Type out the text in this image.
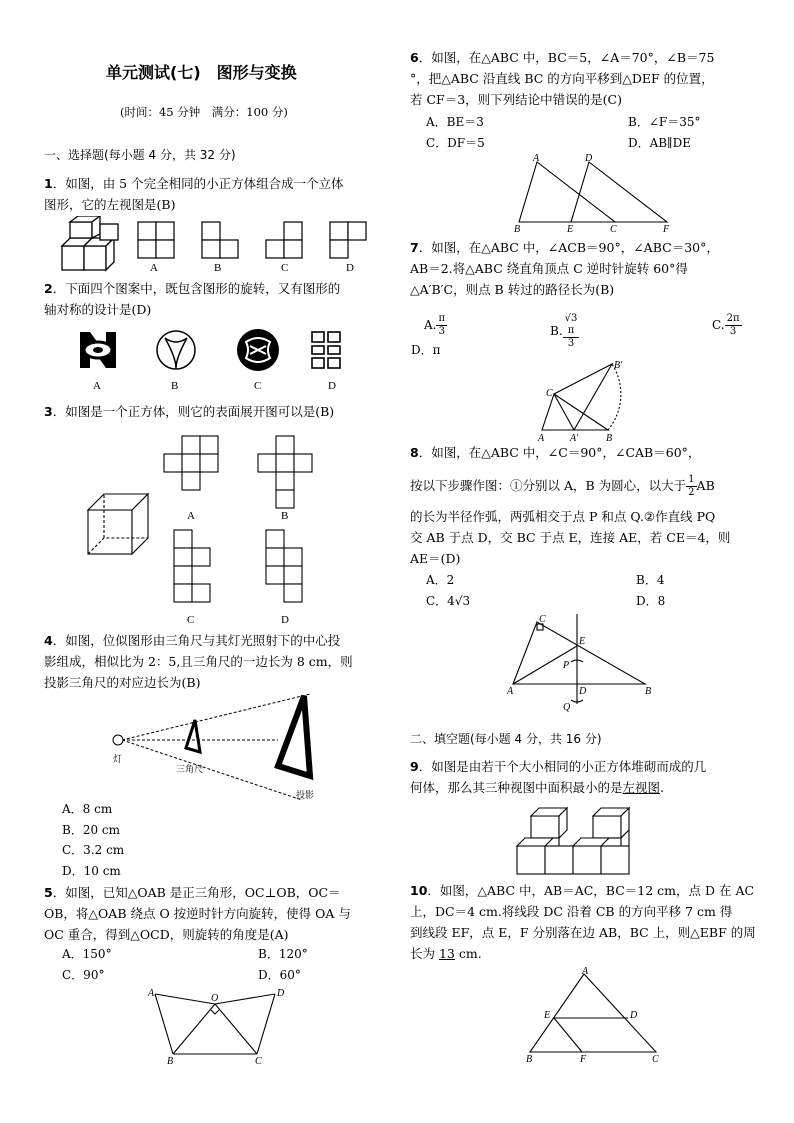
单元测试(七)　图形与变换
(时间：45 分钟　满分：100 分)
一、选择题(每小题 4 分，共 32 分)
1．如图，由 5 个完全相同的小正方体组合成一个立体
图形，它的左视图是(B)
A	B	C	D
2．下面四个图案中，既包含图形的旋转，又有图形的
轴对称的设计是(D)
A	B	C	D
3．如图是一个正方体，则它的表面展开图可以是(B)
A	B
C	D
4．如图，位似图形由三角尺与其灯光照射下的中心投
影组成，相似比为 2：5,且三角尺的一边长为 8 cm，则
投影三角尺的对应边长为(B)
灯
三角尺
投影
A．8 cm
B．20 cm
C．3.2 cm
D．10 cm
5．如图，已知△OAB 是正三角形，OC⊥OB，OC＝
OB，将△OAB 绕点 O 按逆时针方向旋转，使得 OA 与
OC 重合，得到△OCD，则旋转的角度是(A)
A．150°	B．120°
C．90°	D．60°
A	O	D
B	C
6．如图，在△ABC 中，BC＝5，∠A＝70°，∠B＝75
°，把△ABC 沿直线 BC 的方向平移到△DEF 的位置，
若 CF＝3，则下列结论中错误的是(C)
A．BE＝3	B．∠F＝35°
C．DF＝5	D．AB∥DE
A	D
B	E	C	F
7．如图，在△ABC 中，∠ACB＝90°，∠ABC＝30°，
AB＝2.将△ABC 绕直角顶点 C 逆时针旋转 60°得
△A′B′C，则点 B 转过的路径长为(B)
A. $\frac{\pi}{3}$	B. √3
π
3	C. $\frac{2\pi}{3}$
D．π
B′
C
A	A′	B
8．如图，在△ABC 中，∠C＝90°，∠CAB＝60°，
按以下步骤作图：①分别以 A，B 为圆心，以大于 $\frac{1}{2}$ AB
的长为半径作弧，两弧相交于点 P 和点 Q.②作直线 PQ
交 AB 于点 D，交 BC 于点 E，连接 AE，若 CE＝4，则
AE＝(D)
A．2	B．4
C．4√3	D．8
C
E
P
A	D	B
Q
二、填空题(每小题 4 分，共 16 分)
9．如图是由若干个大小相同的小正方体堆砌而成的几
何体，那么其三种视图中面积最小的是左视图.
10．如图，△ABC 中，AB＝AC，BC＝12 cm，点 D 在 AC
上，DC＝4 cm.将线段 DC 沿着 CB 的方向平移 7 cm 得
到线段 EF，点 E，F 分别落在边 AB，BC 上，则△EBF 的周
长为 13 cm.
A
E	D
B	F	C
